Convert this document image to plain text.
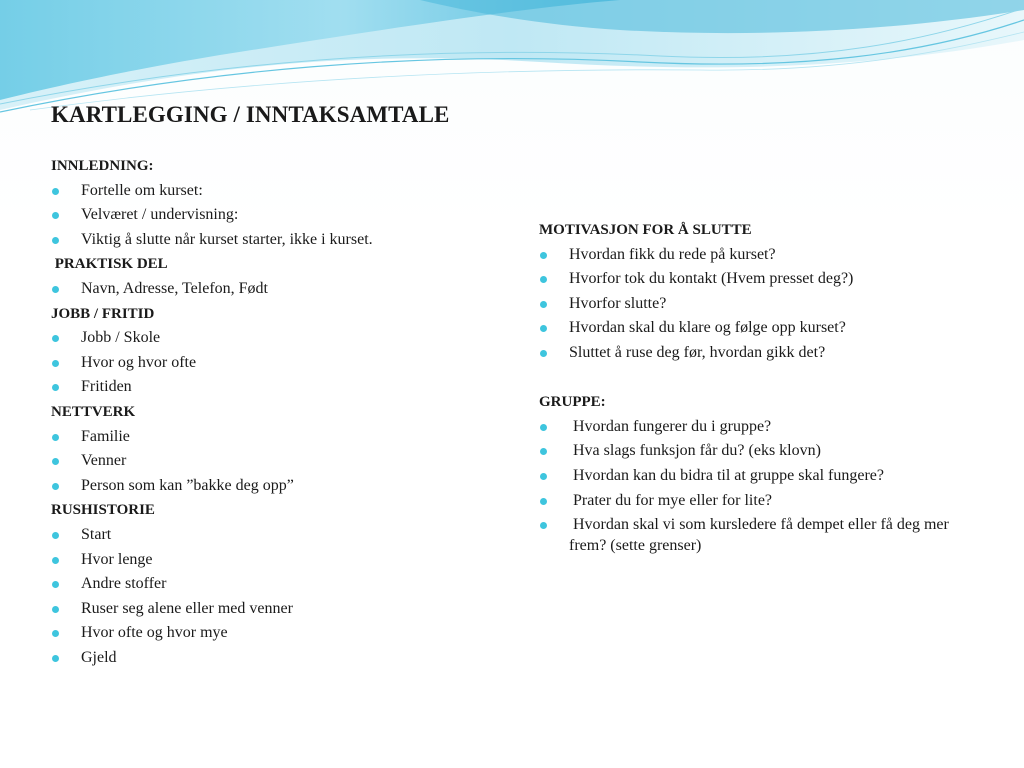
KARTLEGGING / INNTAKSAMTALE
INNLEDNING:
Fortelle om kurset:
Velværet / undervisning:
Viktig å slutte når kurset starter, ikke i kurset.
PRAKTISK DEL
Navn, Adresse, Telefon, Født
JOBB / FRITID
Jobb / Skole
Hvor og hvor ofte
Fritiden
NETTVERK
Familie
Venner
Person som kan ”bakke deg opp”
RUSHISTORIE
Start
Hvor lenge
Andre stoffer
Ruser seg alene eller med venner
Hvor ofte og hvor mye
Gjeld
MOTIVASJON FOR Å SLUTTE
Hvordan fikk du rede på kurset?
Hvorfor tok du kontakt (Hvem presset deg?)
Hvorfor slutte?
Hvordan skal du klare og følge opp kurset?
Sluttet å ruse deg før, hvordan gikk det?
GRUPPE:
Hvordan fungerer du i gruppe?
Hva slags funksjon får du? (eks klovn)
Hvordan kan du bidra til at gruppe skal fungere?
Prater du for mye eller for lite?
Hvordan skal vi som kursledere få dempet eller få deg mer frem? (sette grenser)
